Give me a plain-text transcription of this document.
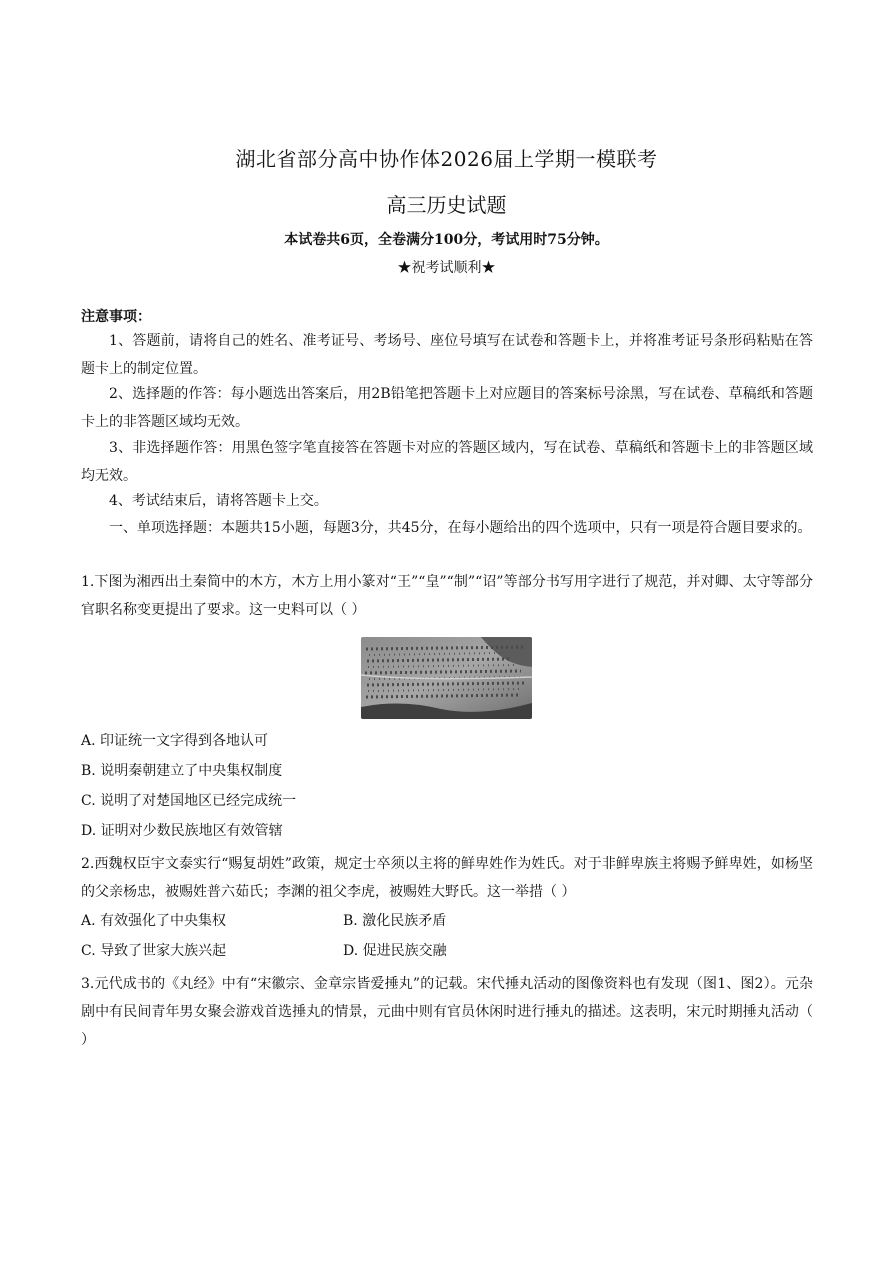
湖北省部分高中协作体2026届上学期一模联考
高三历史试题
本试卷共6页，全卷满分100分，考试用时75分钟。
★祝考试顺利★
注意事项：

1、答题前，请将自己的姓名、准考证号、考场号、座位号填写在试卷和答题卡上，并将准考证号条形码粘贴在答题卡上的制定位置。

2、选择题的作答：每小题选出答案后，用2B铅笔把答题卡上对应题目的答案标号涂黑，写在试卷、草稿纸和答题卡上的非答题区域均无效。

3、非选择题作答：用黑色签字笔直接答在答题卡对应的答题区域内，写在试卷、草稿纸和答题卡上的非答题区域均无效。

4、考试结束后，请将答题卡上交。

一、单项选择题：本题共15小题，每题3分，共45分，在每小题给出的四个选项中，只有一项是符合题目要求的。

1.下图为湘西出土秦简中的木方，木方上用小篆对“王”“皇”“制”“诏”等部分书写用字进行了规范，并对卿、太守等部分官职名称变更提出了要求。这一史料可以（ ）

A. 印证统一文字得到各地认可
B. 说明秦朝建立了中央集权制度
C. 说明了对楚国地区已经完成统一
D. 证明对少数民族地区有效管辖

2.西魏权臣宇文泰实行“赐复胡姓”政策，规定士卒须以主将的鲜卑姓作为姓氏。对于非鲜卑族主将赐予鲜卑姓，如杨坚的父亲杨忠，被赐姓普六茹氏；李渊的祖父李虎，被赐姓大野氏。这一举措（ ）

A. 有效强化了中央集权	B. 激化民族矛盾
C. 导致了世家大族兴起	D. 促进民族交融

3.元代成书的《丸经》中有“宋徽宗、金章宗皆爱捶丸”的记载。宋代捶丸活动的图像资料也有发现（图1、图2）。元杂剧中有民间青年男女聚会游戏首选捶丸的情景，元曲中则有官员休闲时进行捶丸的描述。这表明，宋元时期捶丸活动（ ）
